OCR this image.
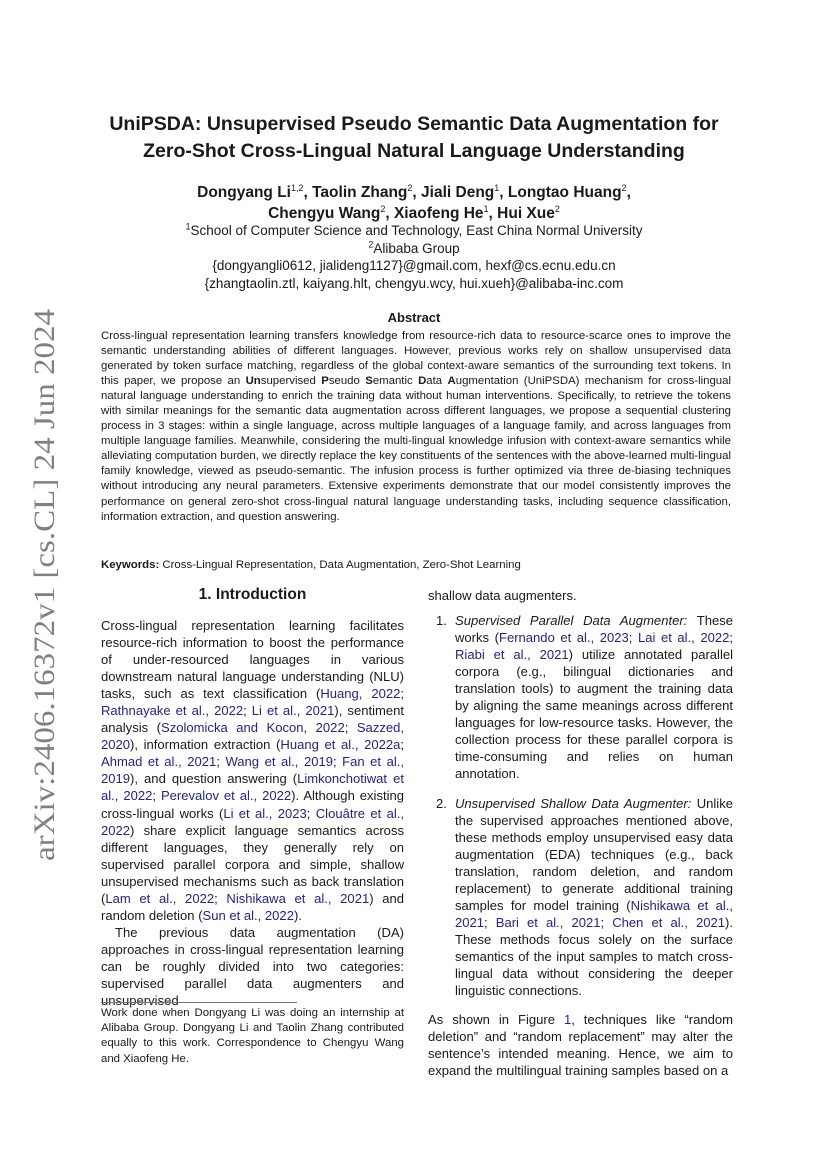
arXiv:2406.16372v1 [cs.CL] 24 Jun 2024
UniPSDA: Unsupervised Pseudo Semantic Data Augmentation for
Zero-Shot Cross-Lingual Natural Language Understanding
Dongyang Li$^{1,2}$, Taolin Zhang$^2$, Jiali Deng$^1$, Longtao Huang$^2$,
Chengyu Wang$^2$, Xiaofeng He$^1$, Hui Xue$^2$
$^1$School of Computer Science and Technology, East China Normal University
$^2$Alibaba Group
{dongyangli0612, jialideng1127}@gmail.com, hexf@cs.ecnu.edu.cn
{zhangtaolin.ztl, kaiyang.hlt, chengyu.wcy, hui.xueh}@alibaba-inc.com
Abstract
Cross-lingual representation learning transfers knowledge from resource-rich data to resource-scarce ones to improve the semantic understanding abilities of different languages. However, previous works rely on shallow unsupervised data generated by token surface matching, regardless of the global context-aware semantics of the surrounding text tokens. In this paper, we propose an Unsupervised Pseudo Semantic Data Augmentation (UniPSDA) mechanism for cross-lingual natural language understanding to enrich the training data without human interventions. Specifically, to retrieve the tokens with similar meanings for the semantic data augmentation across different languages, we propose a sequential clustering process in 3 stages: within a single language, across multiple languages of a language family, and across languages from multiple language families. Meanwhile, considering the multi-lingual knowledge infusion with context-aware semantics while alleviating computation burden, we directly replace the key constituents of the sentences with the above-learned multi-lingual family knowledge, viewed as pseudo-semantic. The infusion process is further optimized via three de-biasing techniques without introducing any neural parameters. Extensive experiments demonstrate that our model consistently improves the performance on general zero-shot cross-lingual natural language understanding tasks, including sequence classification, information extraction, and question answering.
Keywords: Cross-Lingual Representation, Data Augmentation, Zero-Shot Learning
1. Introduction

Cross-lingual representation learning facilitates resource-rich information to boost the performance of under-resourced languages in various downstream natural language understanding (NLU) tasks, such as text classification (Huang, 2022; Rathnayake et al., 2022; Li et al., 2021), sentiment analysis (Szolomicka and Kocon, 2022; Sazzed, 2020), information extraction (Huang et al., 2022a; Ahmad et al., 2021; Wang et al., 2019; Fan et al., 2019), and question answering (Limkonchotiwat et al., 2022; Perevalov et al., 2022). Although existing cross-lingual works (Li et al., 2023; Clouâtre et al., 2022) share explicit language semantics across different languages, they generally rely on supervised parallel corpora and simple, shallow unsupervised mechanisms such as back translation (Lam et al., 2022; Nishikawa et al., 2021) and random deletion (Sun et al., 2022).

The previous data augmentation (DA) approaches in cross-lingual representation learning can be roughly divided into two categories: supervised parallel data augmenters and unsupervised

shallow data augmenters.

1. Supervised Parallel Data Augmenter: These works (Fernando et al., 2023; Lai et al., 2022; Riabi et al., 2021) utilize annotated parallel corpora (e.g., bilingual dictionaries and translation tools) to augment the training data by aligning the same meanings across different languages for low-resource tasks. However, the collection process for these parallel corpora is time-consuming and relies on human annotation.

2. Unsupervised Shallow Data Augmenter: Unlike the supervised approaches mentioned above, these methods employ unsupervised easy data augmentation (EDA) techniques (e.g., back translation, random deletion, and random replacement) to generate additional training samples for model training (Nishikawa et al., 2021; Bari et al., 2021; Chen et al., 2021). These methods focus solely on the surface semantics of the input samples to match cross-lingual data without considering the deeper linguistic connections.

As shown in Figure 1, techniques like “random deletion” and “random replacement” may alter the sentence’s intended meaning. Hence, we aim to expand the multilingual training samples based on a

Work done when Dongyang Li was doing an internship at Alibaba Group. Dongyang Li and Taolin Zhang contributed equally to this work. Correspondence to Chengyu Wang and Xiaofeng He.
